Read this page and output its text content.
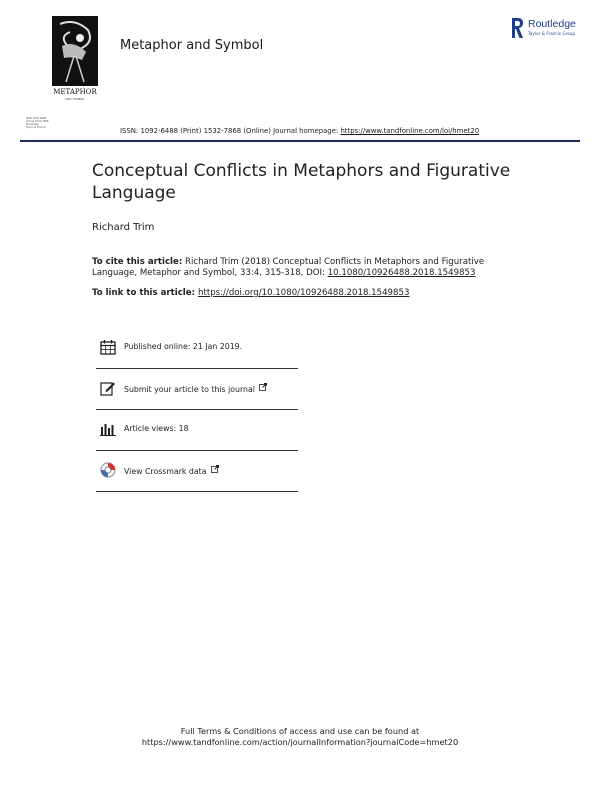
METAPHOR
AND SYMBOL
ISSN 1092-6488
Online 1532-7868
Routledge
Taylor & Francis
Metaphor and Symbol
Routledge
Taylor & Francis Group
ISSN: 1092-6488 (Print) 1532-7868 (Online) Journal homepage: https://www.tandfonline.com/loi/hmet20
Conceptual Conflicts in Metaphors and Figurative Language
Richard Trim
To cite this article: Richard Trim (2018) Conceptual Conflicts in Metaphors and Figurative Language, Metaphor and Symbol, 33:4, 315-318, DOI: 10.1080/10926488.2018.1549853
To link to this article: https://doi.org/10.1080/10926488.2018.1549853
Published online: 21 Jan 2019.
Submit your article to this journal
Article views: 18
View Crossmark data
Full Terms & Conditions of access and use can be found at
https://www.tandfonline.com/action/journalInformation?journalCode=hmet20
